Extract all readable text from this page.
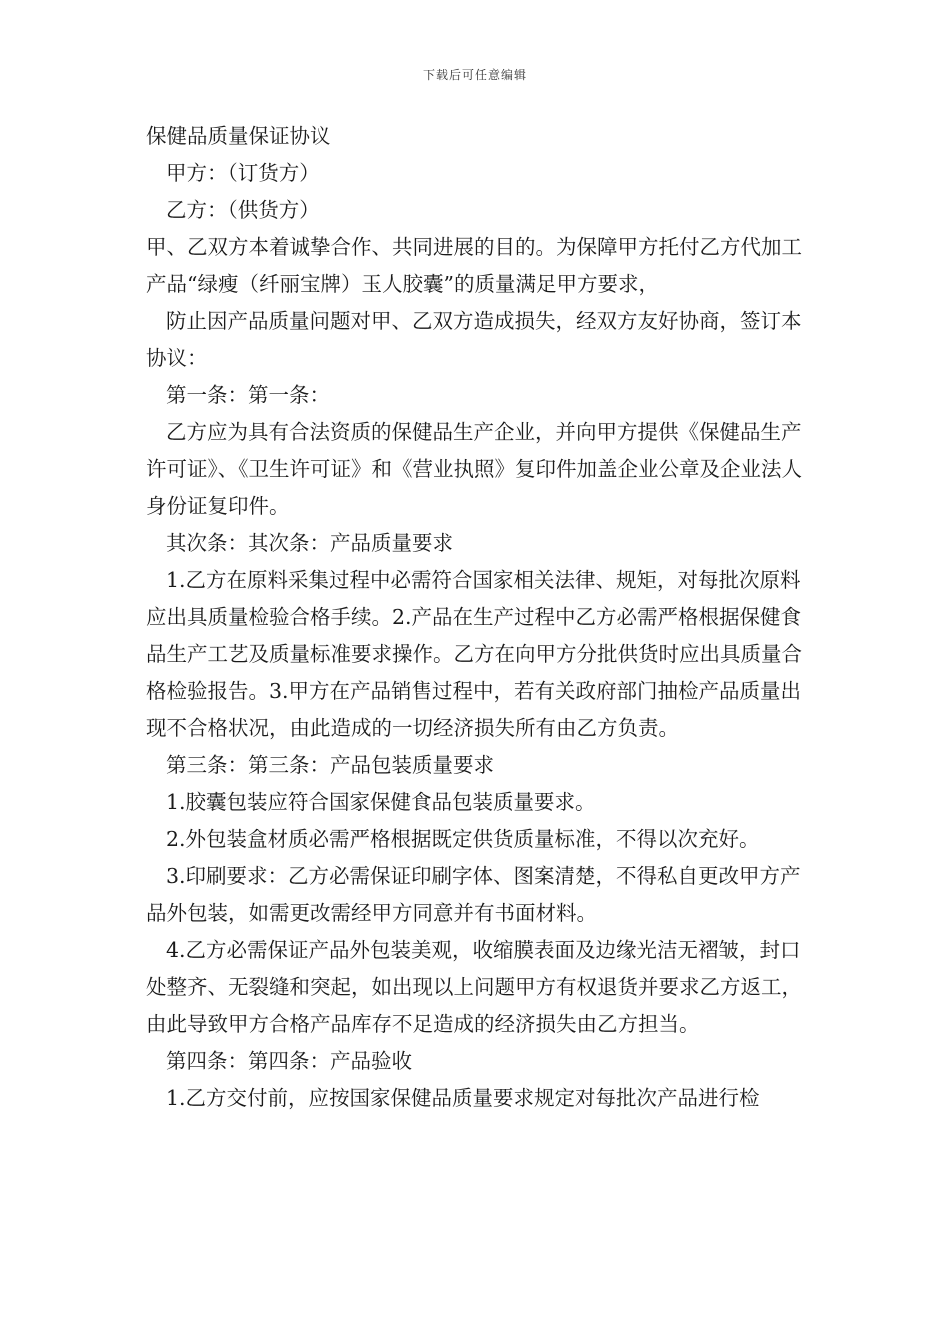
下载后可任意编辑

保健品质量保证协议

甲方：（订货方）

乙方：（供货方）

甲、乙双方本着诚挚合作、共同进展的目的。为保障甲方托付乙方代加工产品“绿瘦（纤丽宝牌）玉人胶囊”的质量满足甲方要求，

防止因产品质量问题对甲、乙双方造成损失，经双方友好协商，签订本协议：

第一条：第一条：

乙方应为具有合法资质的保健品生产企业，并向甲方提供《保健品生产许可证》、《卫生许可证》和《营业执照》复印件加盖企业公章及企业法人身份证复印件。

其次条：其次条：产品质量要求

1.乙方在原料采集过程中必需符合国家相关法律、规矩，对每批次原料应出具质量检验合格手续。2.产品在生产过程中乙方必需严格根据保健食品生产工艺及质量标准要求操作。乙方在向甲方分批供货时应出具质量合格检验报告。3.甲方在产品销售过程中，若有关政府部门抽检产品质量出现不合格状况，由此造成的一切经济损失所有由乙方负责。

第三条：第三条：产品包装质量要求

1.胶囊包装应符合国家保健食品包装质量要求。

2.外包装盒材质必需严格根据既定供货质量标准，不得以次充好。

3.印刷要求：乙方必需保证印刷字体、图案清楚，不得私自更改甲方产品外包装，如需更改需经甲方同意并有书面材料。

4.乙方必需保证产品外包装美观，收缩膜表面及边缘光洁无褶皱，封口处整齐、无裂缝和突起，如出现以上问题甲方有权退货并要求乙方返工，由此导致甲方合格产品库存不足造成的经济损失由乙方担当。

第四条：第四条：产品验收

1.乙方交付前，应按国家保健品质量要求规定对每批次产品进行检
